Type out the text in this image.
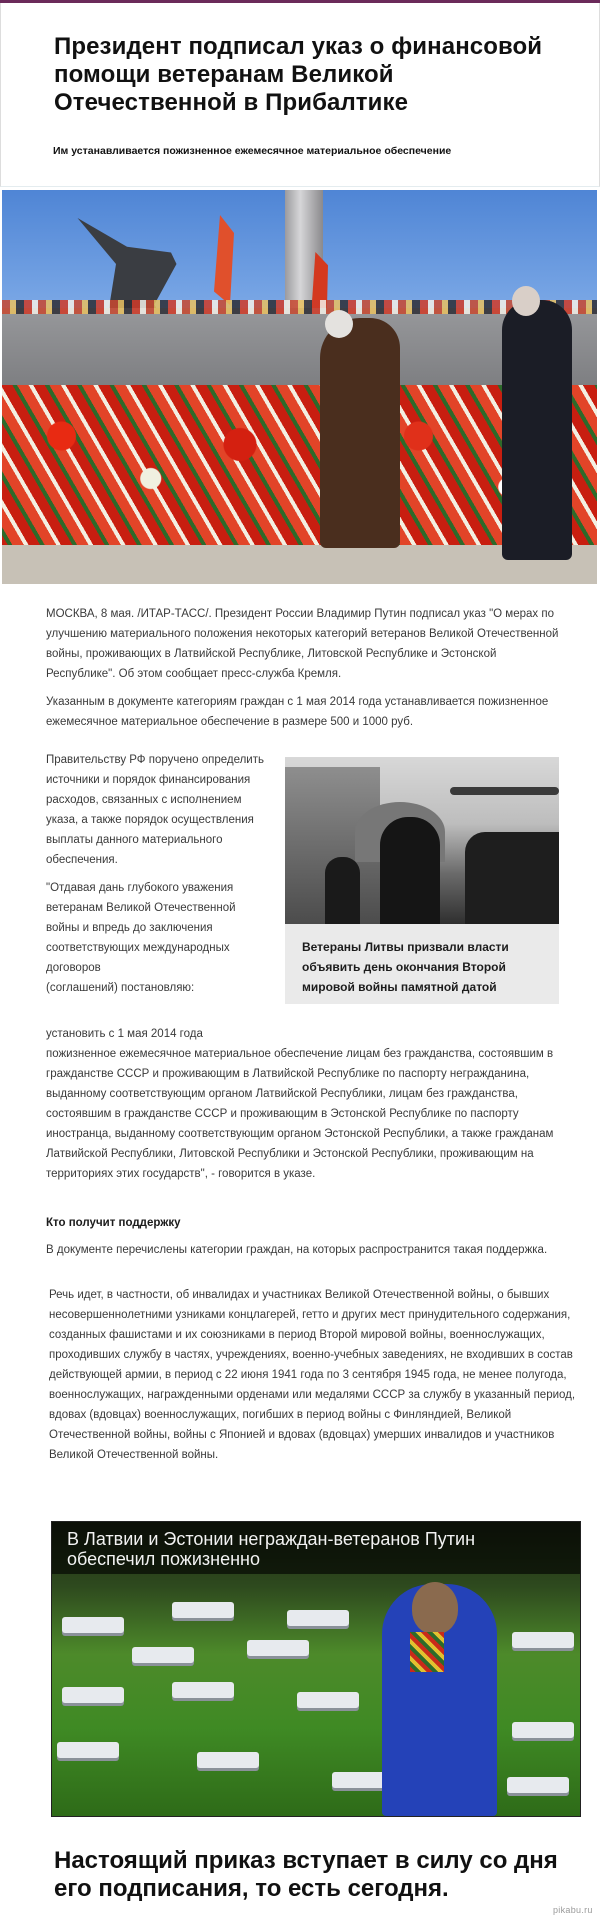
Президент подписал указ о финансовой помощи ветеранам Великой Отечественной в Прибалтике
Им устанавливается пожизненное ежемесячное материальное обеспечение

МОСКВА, 8 мая. /ИТАР-ТАСС/. Президент России Владимир Путин подписал указ "О мерах по улучшению материального положения некоторых категорий ветеранов Великой Отечественной войны, проживающих в Латвийской Республике, Литовской Республике и Эстонской Республике". Об этом сообщает пресс-служба Кремля.

Указанным в документе категориям граждан с 1 мая 2014 года устанавливается пожизненное ежемесячное материальное обеспечение в размере 500 и 1000 руб.

Правительству РФ поручено определить источники и порядок финансирования расходов, связанных с исполнением указа, а также порядок осуществления выплаты данного материального обеспечения.

"Отдавая дань глубокого уважения ветеранам Великой Отечественной войны и впредь до заключения соответствующих международных договоров

(соглашений) постановляю:

Ветераны Литвы призвали власти объявить день окончания Второй мировой войны памятной датой
установить с 1 мая 2014 года
пожизненное ежемесячное материальное обеспечение лицам без гражданства, состоявшим в гражданстве СССР и проживающим в Латвийской Республике по паспорту негражданина, выданному соответствующим органом Латвийской Республики, лицам без гражданства, состоявшим в гражданстве СССР и проживающим в Эстонской Республике по паспорту иностранца, выданному соответствующим органом Эстонской Республики, а также гражданам Латвийской Республики, Литовской Республики и Эстонской Республики, проживающим на территориях этих государств", - говорится в указе.
Кто получит поддержку

В документе перечислены категории граждан, на которых распространится такая поддержка.

Речь идет, в частности, об инвалидах и участниках Великой Отечественной войны, о бывших несовершеннолетними узниками концлагерей, гетто и других мест принудительного содержания, созданных фашистами и их союзниками в период Второй мировой войны, военнослужащих, проходивших службу в частях, учреждениях, военно-учебных заведениях, не входивших в состав действующей армии, в период с 22 июня 1941 года по 3 сентября 1945 года, не менее полугода, военнослужащих, награжденными орденами или медалями СССР за службу в указанный период, вдовах (вдовцах) военнослужащих, погибших в период войны с Финляндией, Великой Отечественной войны, войны с Японией и вдовах (вдовцах) умерших инвалидов и участников Великой Отечественной войны.

В Латвии и Эстонии неграждан-ветеранов Путин обеспечил пожизненно
Настоящий приказ вступает в силу со дня его подписания, то есть сегодня.
pikabu.ru
